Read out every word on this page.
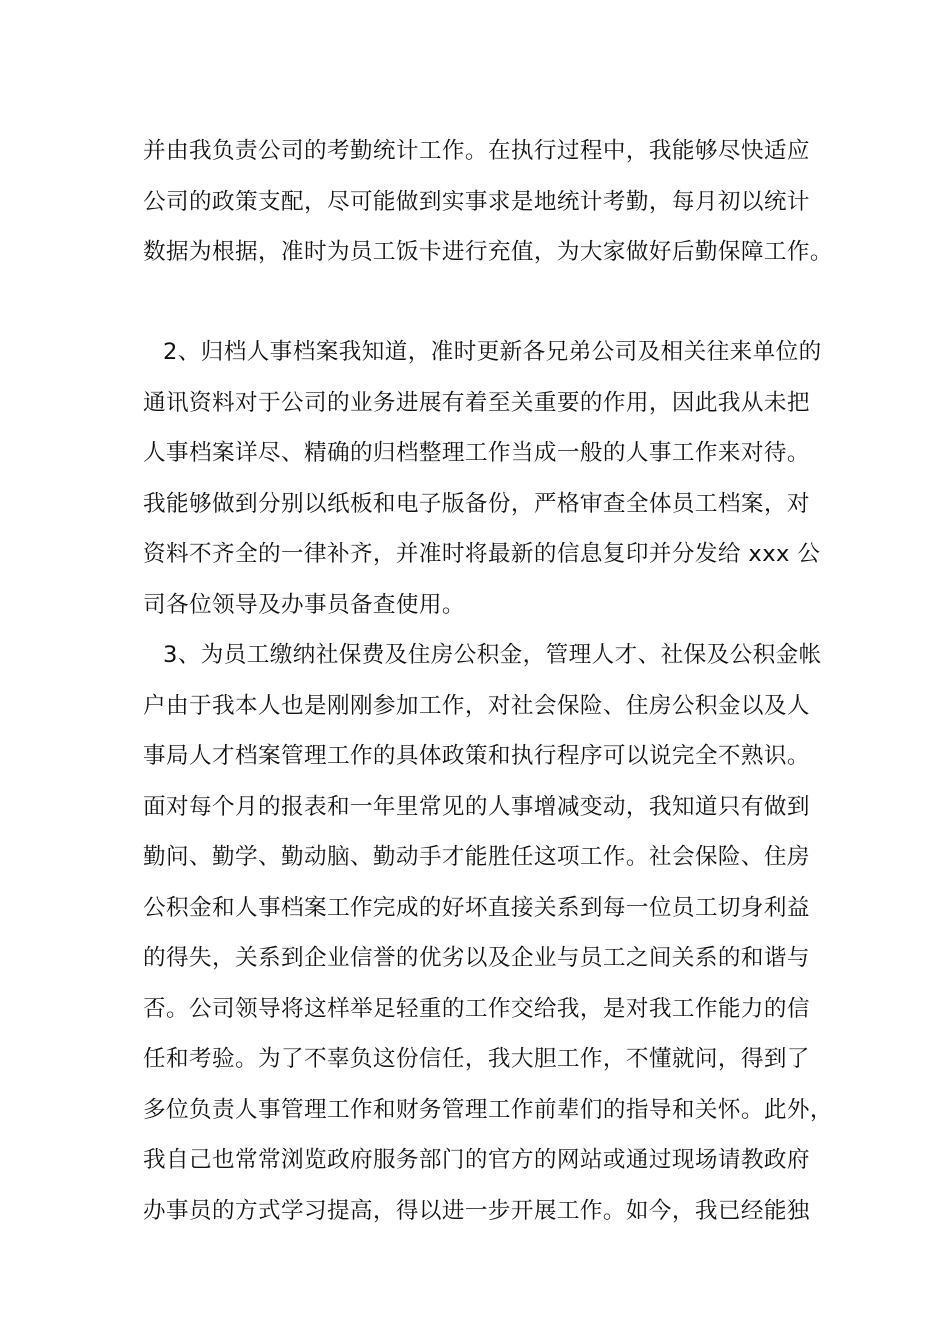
并由我负责公司的考勤统计工作。在执行过程中，我能够尽快适应
公司的政策支配，尽可能做到实事求是地统计考勤，每月初以统计
数据为根据，准时为员工饭卡进行充值，为大家做好后勤保障工作。
2、归档人事档案我知道，准时更新各兄弟公司及相关往来单位的
通讯资料对于公司的业务进展有着至关重要的作用，因此我从未把
人事档案详尽、精确的归档整理工作当成一般的人事工作来对待。
我能够做到分别以纸板和电子版备份，严格审查全体员工档案，对
资料不齐全的一律补齐，并准时将最新的信息复印并分发给 xxx 公
司各位领导及办事员备查使用。
3、为员工缴纳社保费及住房公积金，管理人才、社保及公积金帐
户由于我本人也是刚刚参加工作，对社会保险、住房公积金以及人
事局人才档案管理工作的具体政策和执行程序可以说完全不熟识。
面对每个月的报表和一年里常见的人事增减变动，我知道只有做到
勤问、勤学、勤动脑、勤动手才能胜任这项工作。社会保险、住房
公积金和人事档案工作完成的好坏直接关系到每一位员工切身利益
的得失，关系到企业信誉的优劣以及企业与员工之间关系的和谐与
否。公司领导将这样举足轻重的工作交给我，是对我工作能力的信
任和考验。为了不辜负这份信任，我大胆工作，不懂就问，得到了
多位负责人事管理工作和财务管理工作前辈们的指导和关怀。此外，
我自己也常常浏览政府服务部门的官方的网站或通过现场请教政府
办事员的方式学习提高，得以进一步开展工作。如今，我已经能独
